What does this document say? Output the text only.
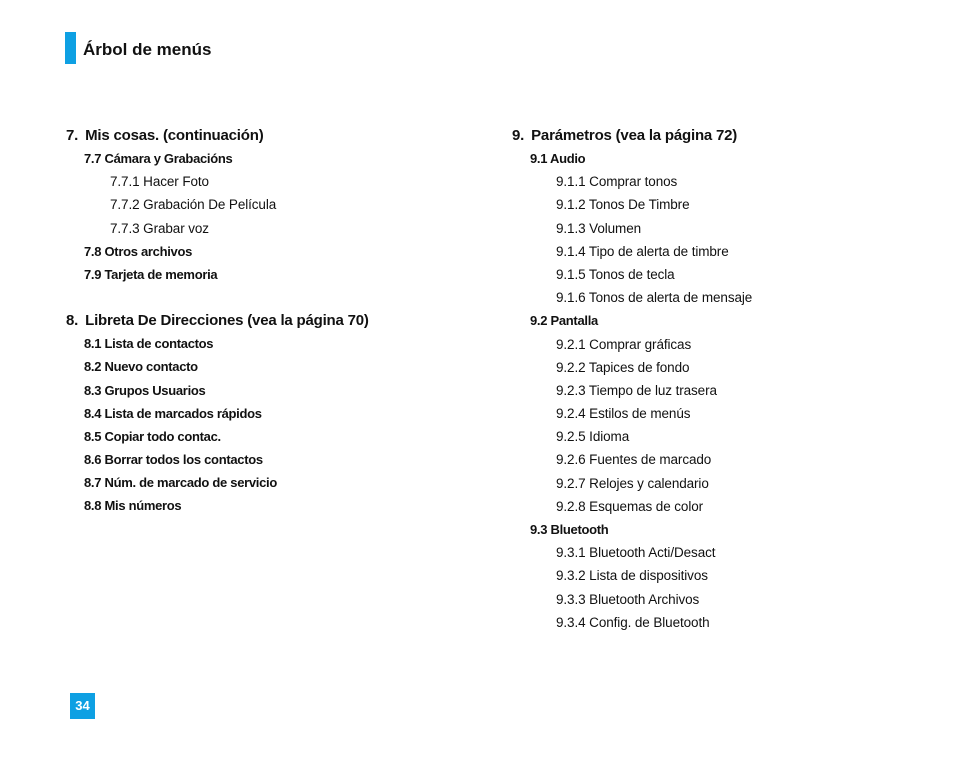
Árbol de menús
7. Mis cosas. (continuación)
7.7 Cámara y Grabacións
7.7.1 Hacer Foto
7.7.2 Grabación De Película
7.7.3 Grabar voz
7.8 Otros archivos
7.9 Tarjeta de memoria
8. Libreta De Direcciones (vea la página 70)
8.1 Lista de contactos
8.2 Nuevo contacto
8.3 Grupos Usuarios
8.4 Lista de marcados rápidos
8.5 Copiar todo contac.
8.6 Borrar todos los contactos
8.7 Núm. de marcado de servicio
8.8 Mis números
9. Parámetros (vea la página 72)
9.1 Audio
9.1.1 Comprar tonos
9.1.2 Tonos De Timbre
9.1.3 Volumen
9.1.4 Tipo de alerta de timbre
9.1.5 Tonos de tecla
9.1.6 Tonos de alerta de mensaje
9.2 Pantalla
9.2.1 Comprar gráficas
9.2.2 Tapices de fondo
9.2.3 Tiempo de luz trasera
9.2.4 Estilos de menús
9.2.5 Idioma
9.2.6 Fuentes de marcado
9.2.7 Relojes y calendario
9.2.8 Esquemas de color
9.3 Bluetooth
9.3.1 Bluetooth Acti/Desact
9.3.2 Lista de dispositivos
9.3.3 Bluetooth Archivos
9.3.4 Config. de Bluetooth
34
